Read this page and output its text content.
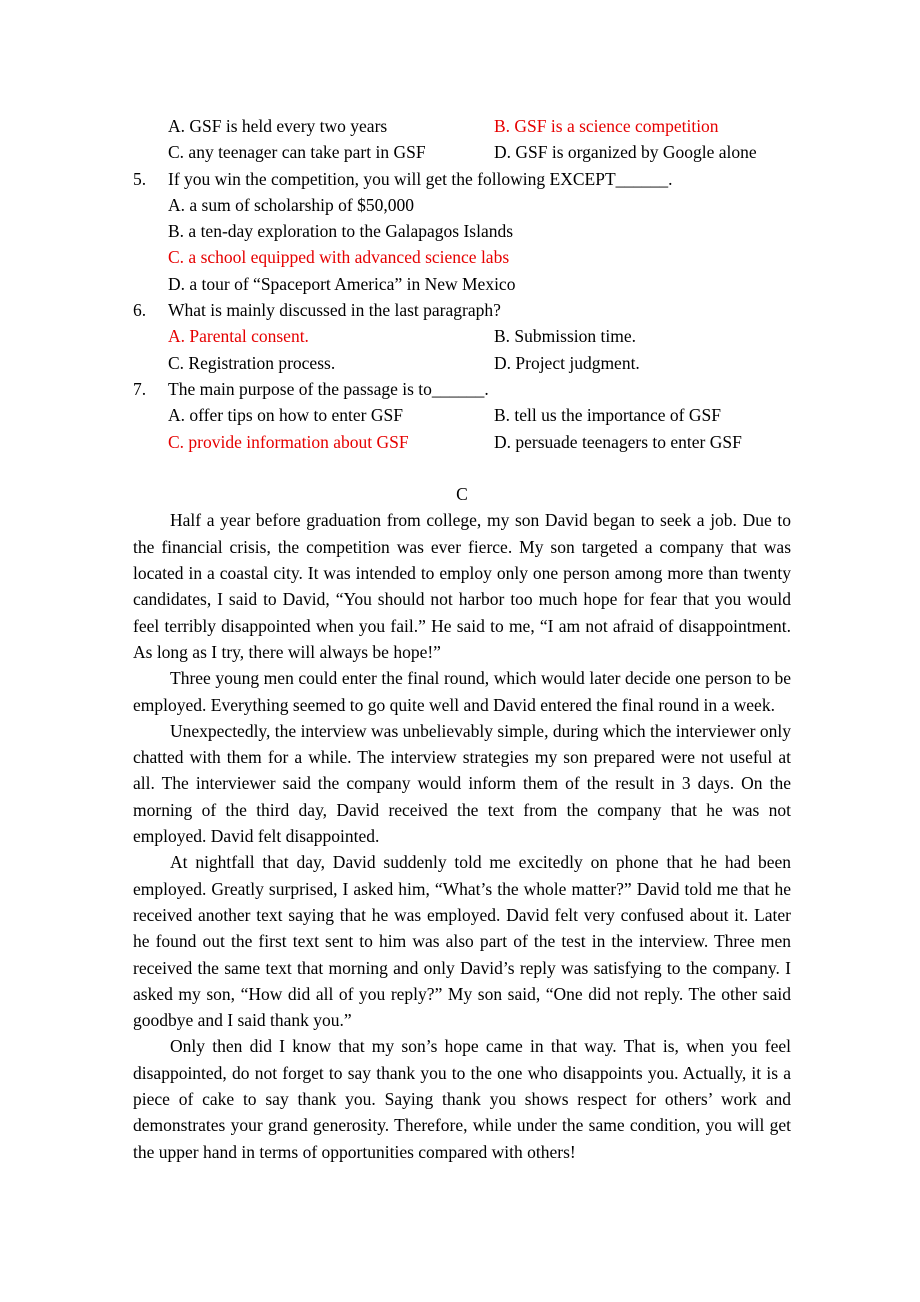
A. GSF is held every two years	B. GSF is a science competition
C. any teenager can take part in GSF	D. GSF is organized by Google alone
5.	If you win the competition, you will get the following EXCEPT______.
A. a sum of scholarship of $50,000
B. a ten-day exploration to the Galapagos Islands
C. a school equipped with advanced science labs
D. a tour of “Spaceport America” in New Mexico
6.	What is mainly discussed in the last paragraph?
A. Parental consent.	B. Submission time.
C. Registration process.	D. Project judgment.
7.	The main purpose of the passage is to______.
A. offer tips on how to enter GSF	B. tell us the importance of GSF
C. provide information about GSF	D. persuade teenagers to enter GSF
C

Half a year before graduation from college, my son David began to seek a job. Due to the financial crisis, the competition was ever fierce. My son targeted a company that was located in a coastal city. It was intended to employ only one person among more than twenty candidates, I said to David, “You should not harbor too much hope for fear that you would feel terribly disappointed when you fail.” He said to me, “I am not afraid of disappointment. As long as I try, there will always be hope!”

Three young men could enter the final round, which would later decide one person to be employed. Everything seemed to go quite well and David entered the final round in a week.

Unexpectedly, the interview was unbelievably simple, during which the interviewer only chatted with them for a while. The interview strategies my son prepared were not useful at all. The interviewer said the company would inform them of the result in 3 days. On the morning of the third day, David received the text from the company that he was not employed. David felt disappointed.

At nightfall that day, David suddenly told me excitedly on phone that he had been employed. Greatly surprised, I asked him, “What’s the whole matter?” David told me that he received another text saying that he was employed. David felt very confused about it. Later he found out the first text sent to him was also part of the test in the interview. Three men received the same text that morning and only David’s reply was satisfying to the company. I asked my son, “How did all of you reply?” My son said, “One did not reply. The other said goodbye and I said thank you.”

Only then did I know that my son’s hope came in that way. That is, when you feel disappointed, do not forget to say thank you to the one who disappoints you. Actually, it is a piece of cake to say thank you. Saying thank you shows respect for others’ work and demonstrates your grand generosity. Therefore, while under the same condition, you will get the upper hand in terms of opportunities compared with others!
